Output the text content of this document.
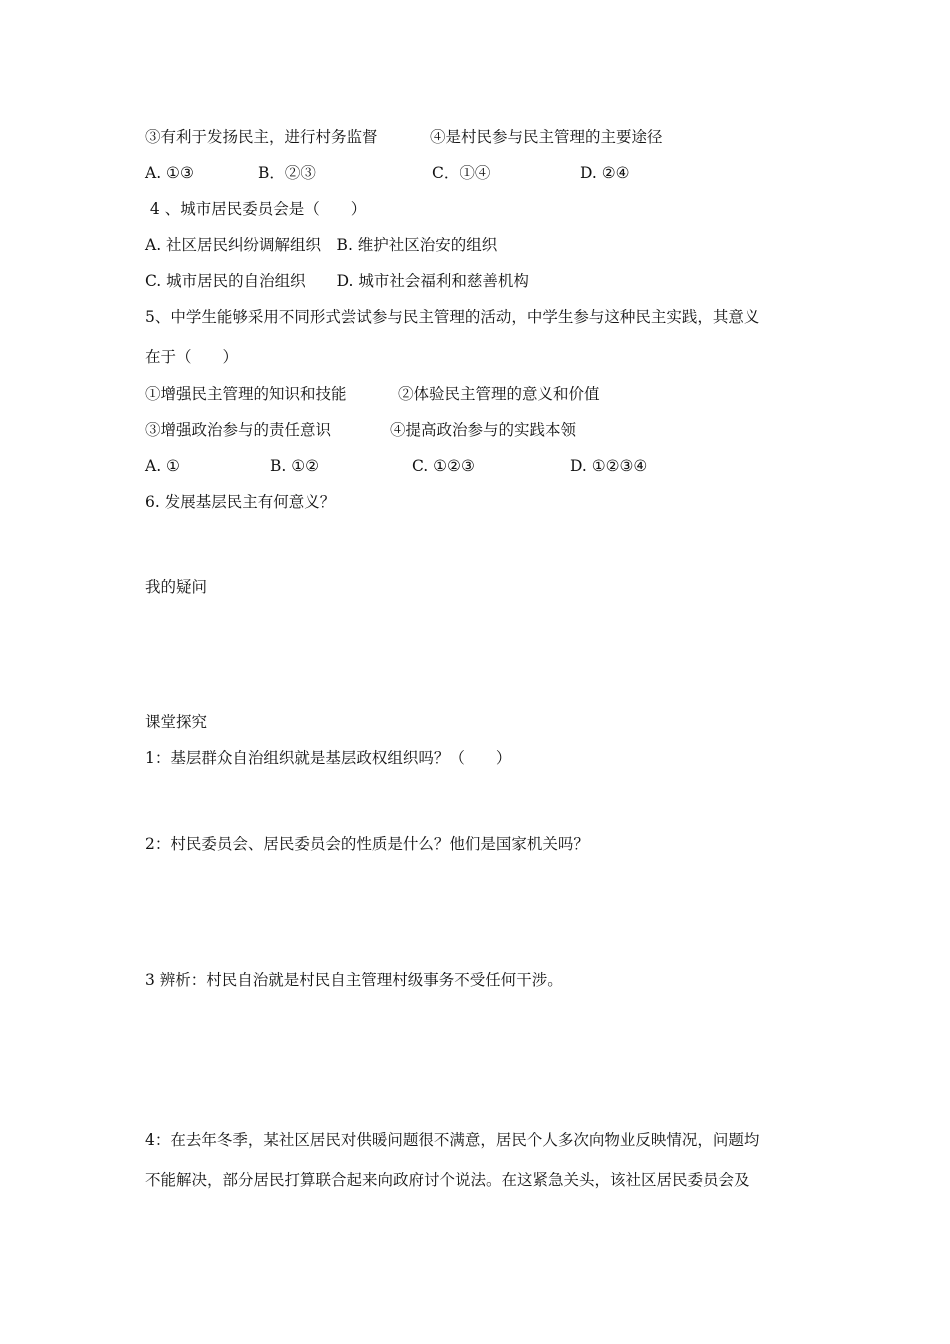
③有利于发扬民主，进行村务监督	④是村民参与民主管理的主要途径
A. ①③	B．②③	C．①④	D. ②④
4 、城市居民委员会是（　　）
A. 社区居民纠纷调解组织　B. 维护社区治安的组织
C. 城市居民的自治组织　　D. 城市社会福利和慈善机构
5、中学生能够采用不同形式尝试参与民主管理的活动，中学生参与这种民主实践，其意义
在于（　　）
①增强民主管理的知识和技能	②体验民主管理的意义和价值
③增强政治参与的责任意识	④提高政治参与的实践本领
A. ①	B. ①②	C. ①②③	D. ①②③④
6. 发展基层民主有何意义？
我的疑问
课堂探究
1：基层群众自治组织就是基层政权组织吗？（　　）
2：村民委员会、居民委员会的性质是什么？他们是国家机关吗？
3 辨析：村民自治就是村民自主管理村级事务不受任何干涉。
4：在去年冬季，某社区居民对供暖问题很不满意，居民个人多次向物业反映情况，问题均
不能解决，部分居民打算联合起来向政府讨个说法。在这紧急关头，该社区居民委员会及
